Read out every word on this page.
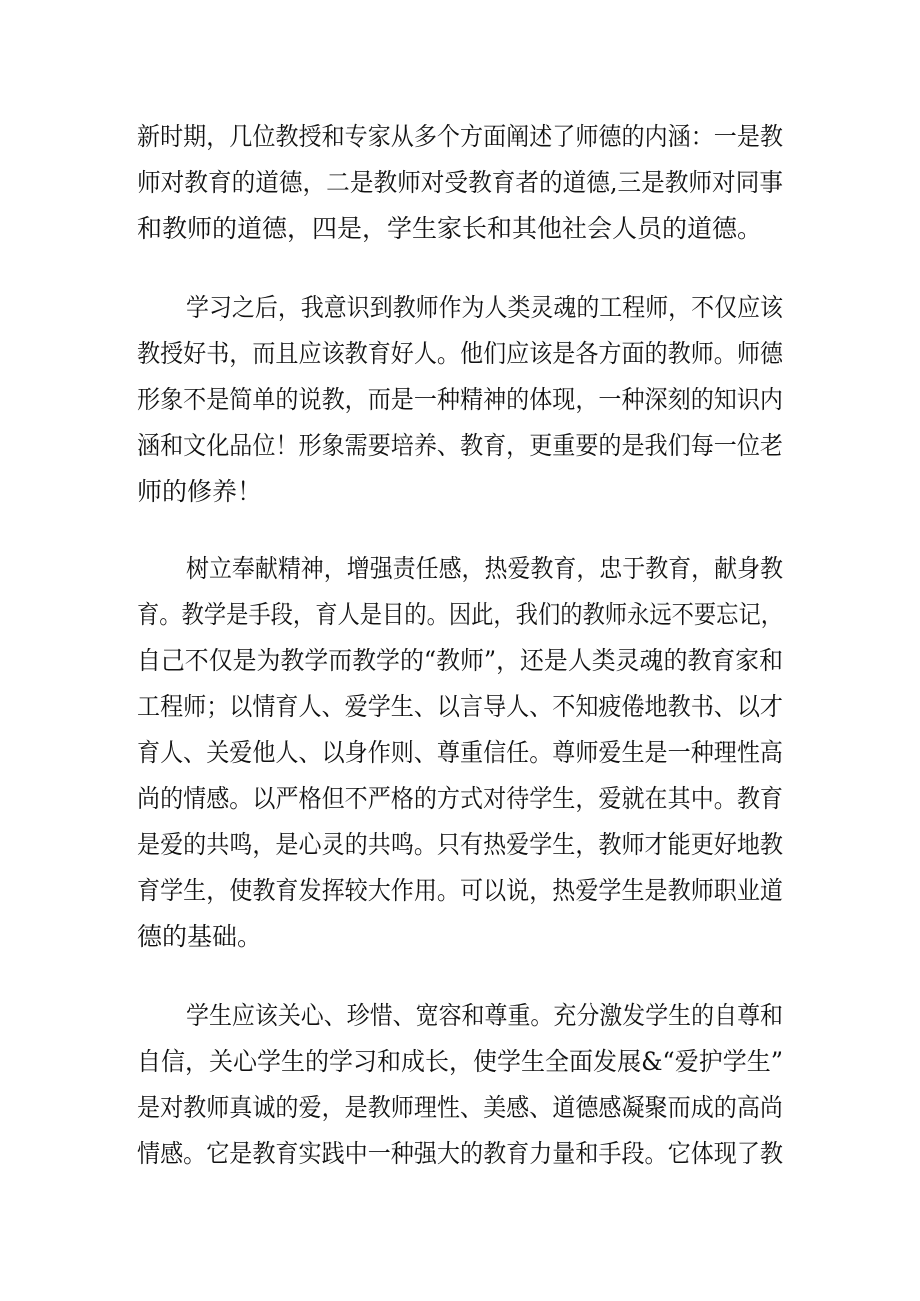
新时期，几位教授和专家从多个方面阐述了师德的内涵：一是教
师对教育的道德，二是教师对受教育者的道德,三是教师对同事
和教师的道德，四是，学生家长和其他社会人员的道德。
学习之后，我意识到教师作为人类灵魂的工程师，不仅应该
教授好书，而且应该教育好人。他们应该是各方面的教师。师德
形象不是简单的说教，而是一种精神的体现，一种深刻的知识内
涵和文化品位！形象需要培养、教育，更重要的是我们每一位老
师的修养！
树立奉献精神，增强责任感，热爱教育，忠于教育，献身教
育。教学是手段，育人是目的。因此，我们的教师永远不要忘记，
自己不仅是为教学而教学的“教师”，还是人类灵魂的教育家和
工程师；以情育人、爱学生、以言导人、不知疲倦地教书、以才
育人、关爱他人、以身作则、尊重信任。尊师爱生是一种理性高
尚的情感。以严格但不严格的方式对待学生，爱就在其中。教育
是爱的共鸣，是心灵的共鸣。只有热爱学生，教师才能更好地教
育学生，使教育发挥较大作用。可以说，热爱学生是教师职业道
德的基础。
学生应该关心、珍惜、宽容和尊重。充分激发学生的自尊和
自信，关心学生的学习和成长，使学生全面发展&“爱护学生”
是对教师真诚的爱，是教师理性、美感、道德感凝聚而成的高尚
情感。它是教育实践中一种强大的教育力量和手段。它体现了教
